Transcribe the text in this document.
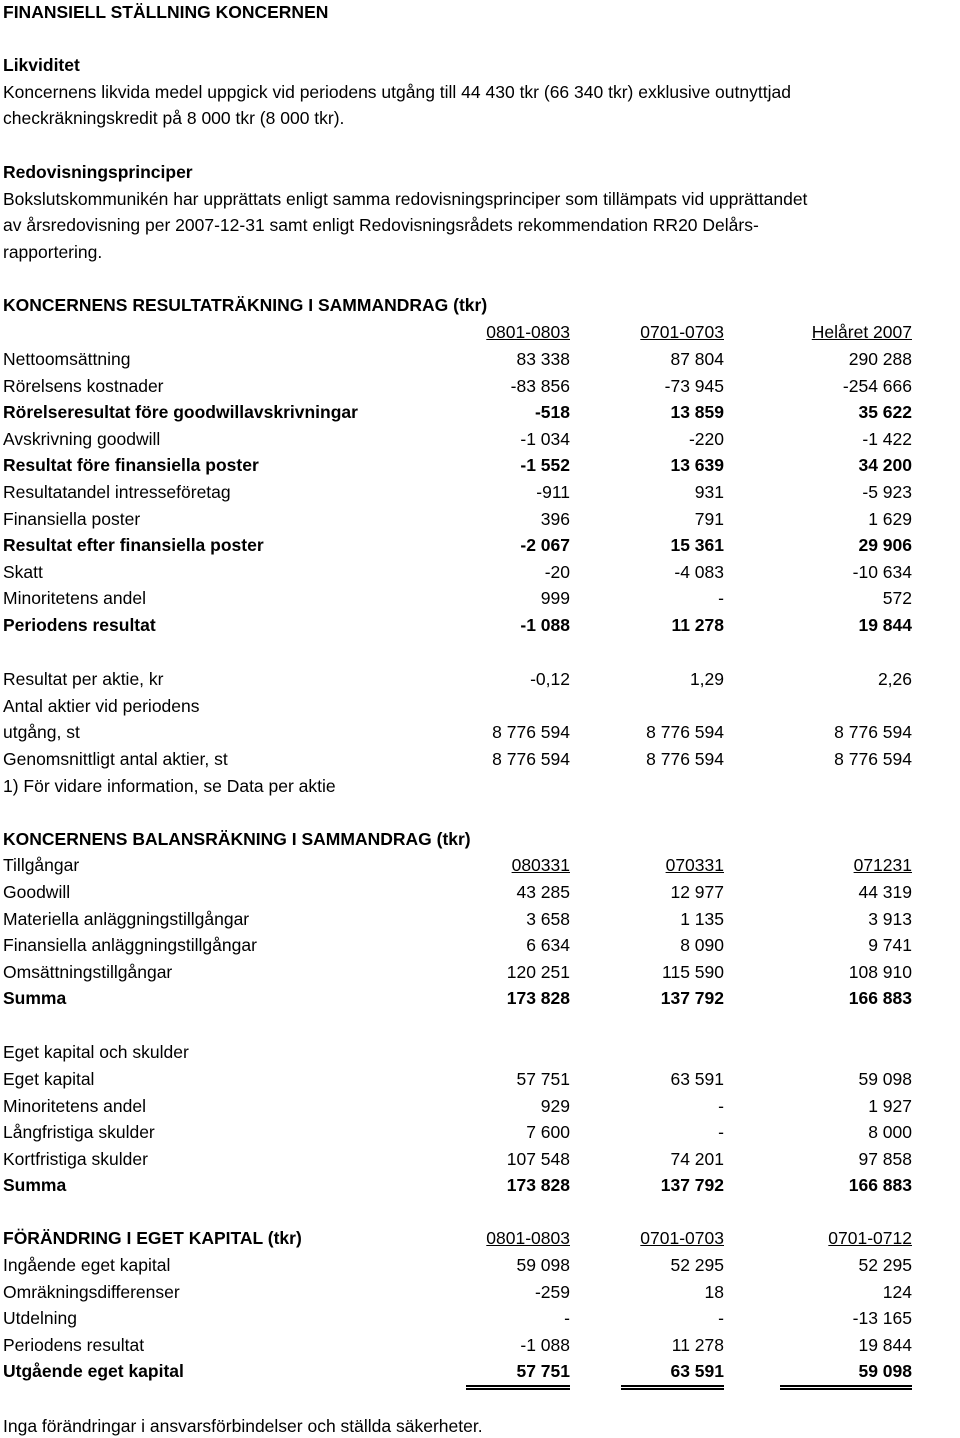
FINANSIELL STÄLLNING KONCERNEN
Likviditet
Koncernens likvida medel uppgick vid periodens utgång till 44 430 tkr (66 340 tkr) exklusive outnyttjad
checkräkningskredit på 8 000 tkr (8 000 tkr).
Redovisningsprinciper
Bokslutskommunikén har upprättats enligt samma redovisningsprinciper som tillämpats vid upprättandet
av årsredovisning per 2007-12-31 samt enligt Redovisningsrådets rekommendation RR20 Delårs-
rapportering.
KONCERNENS RESULTATRÄKNING I SAMMANDRAG (tkr)
0801-0803	0701-0703	Helåret 2007
Nettoomsättning	83 338	87 804	290 288
Rörelsens kostnader	-83 856	-73 945	-254 666
Rörelseresultat före goodwillavskrivningar	-518	13 859	35 622
Avskrivning goodwill	-1 034	-220	-1 422
Resultat före finansiella poster	-1 552	13 639	34 200
Resultatandel intresseföretag	-911	931	-5 923
Finansiella poster	396	791	1 629
Resultat efter finansiella poster	-2 067	15 361	29 906
Skatt	-20	-4 083	-10 634
Minoritetens andel	999	-	572
Periodens resultat	-1 088	11 278	19 844
Resultat per aktie, kr	-0,12	1,29	2,26
Antal aktier vid periodens
utgång, st	8 776 594	8 776 594	8 776 594
Genomsnittligt antal aktier, st	8 776 594	8 776 594	8 776 594
1) För vidare information, se Data per aktie
KONCERNENS BALANSRÄKNING I SAMMANDRAG (tkr)
Tillgångar	080331	070331	071231
Goodwill	43 285	12 977	44 319
Materiella anläggningstillgångar	3 658	1 135	3 913
Finansiella anläggningstillgångar	6 634	8 090	9 741
Omsättningstillgångar	120 251	115 590	108 910
Summa	173 828	137 792	166 883
Eget kapital och skulder
Eget kapital	57 751	63 591	59 098
Minoritetens andel	929	-	1 927
Långfristiga skulder	7 600	-	8 000
Kortfristiga skulder	107 548	74 201	97 858
Summa	173 828	137 792	166 883
FÖRÄNDRING I EGET KAPITAL (tkr)	0801-0803	0701-0703	0701-0712
Ingående eget kapital	59 098	52 295	52 295
Omräkningsdifferenser	-259	18	124
Utdelning	-	-	-13 165
Periodens resultat	-1 088	11 278	19 844
Utgående eget kapital	57 751	63 591	59 098
Inga förändringar i ansvarsförbindelser och ställda säkerheter.
